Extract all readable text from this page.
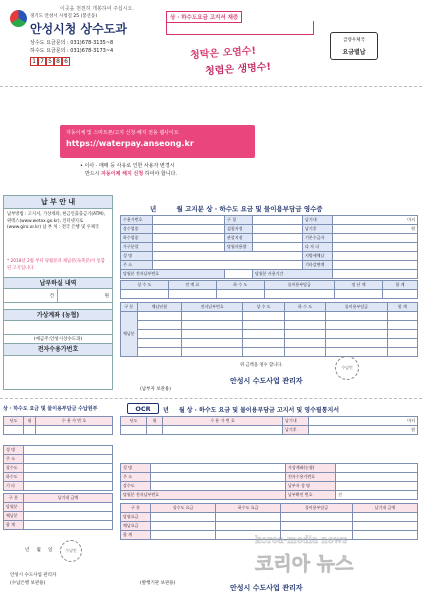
이곳을 천천히 개봉하여 주십시오.
경기도 안성시 시청길 25 (봉산동)
안성시청 상수도과
상수도 요금문의 : 031)678-3135~8
하수도 요금문의 : 031)678-3173~4
1 7 5 8 6
상 · 하수도요금 고지서 재증
급량우체국
요금별납
청탁은 오염수!
청렴은 생명수!
자동이체 및 스마트폰/고지 신청·해지 전용 웹사이트
https://waterpay.anseong.kr
• 이사 · 매매 등 사유로 인한 사용자 변경시
반드시 자동이체 해지 신청 하여야 합니다.
납 부 안 내
납부방법 : 고지서, 가상계좌, 현금인출출금기(ATM), 위텍스(www.wetax.go.kr), 인터넷지로(www.giro.or.kr) 납 부 처 : 전국 은행 및 우체국
* 2018년 2월 부터 당월분과 체납분(독촉분)이 통합된 고지입니다.
납부하실 내역
건	원
가상계좌 (농협)
(예금주:안성시상수도과)
전자수용가번호
년	월 고지분 상 · 하수도 요금 및 물이용부담금 영수증
수용가번호		구 경		납기내	마지
상수업종		검침지정		납기후	원
하수업종		관할지점		기본수금자	
가구분할		당월사용량		다 자 녀	
성 명				지방세체납	
주 소				기타감면액	
당월분 전자납부번호			당월분 사용기간		
상 수 도	전 액 료	하 수 도	물이용부담금	정 산 액	합 계

구 분	체납년월	전자납부번호	상 수 도	하 수 도	물이용부담금	합 계
체납분						

위 금액을 영수 합니다.	수납인
안성시 수도사업 관리자
(납부자 보관용)
상 · 하수도 요금 및 물이용부담금 수납원부	OCR	년 월 상 · 하수도 요금 및 물이용부담금 고지서 및 영수필통지서
년도	월	수 용 가 번 호

성 명	
주 소	
상수도	
하수도	
기 타	
구 분	납기내 금액
당월분	
체납분	
합 계	
년     월     일	수납인
안성시 수도사업 관리자
(수납은행 보관용)
년도	월	수 용 가 번 호	납기내	마지
			납기후	원
성 명		가상계좌(농협)	
주 소		전자수용가번호	
상수도		납부자 성 명	
당월분 전자납부번호		납부확인 번호	건
구 분	상수도 요금	하수도 요금	물이용부담금	납기내 금액
당월요금				
체납요금				
합 계				
(발행기관 보관용)
안성시 수도사업 관리자
korea-media news
코리아 뉴스
